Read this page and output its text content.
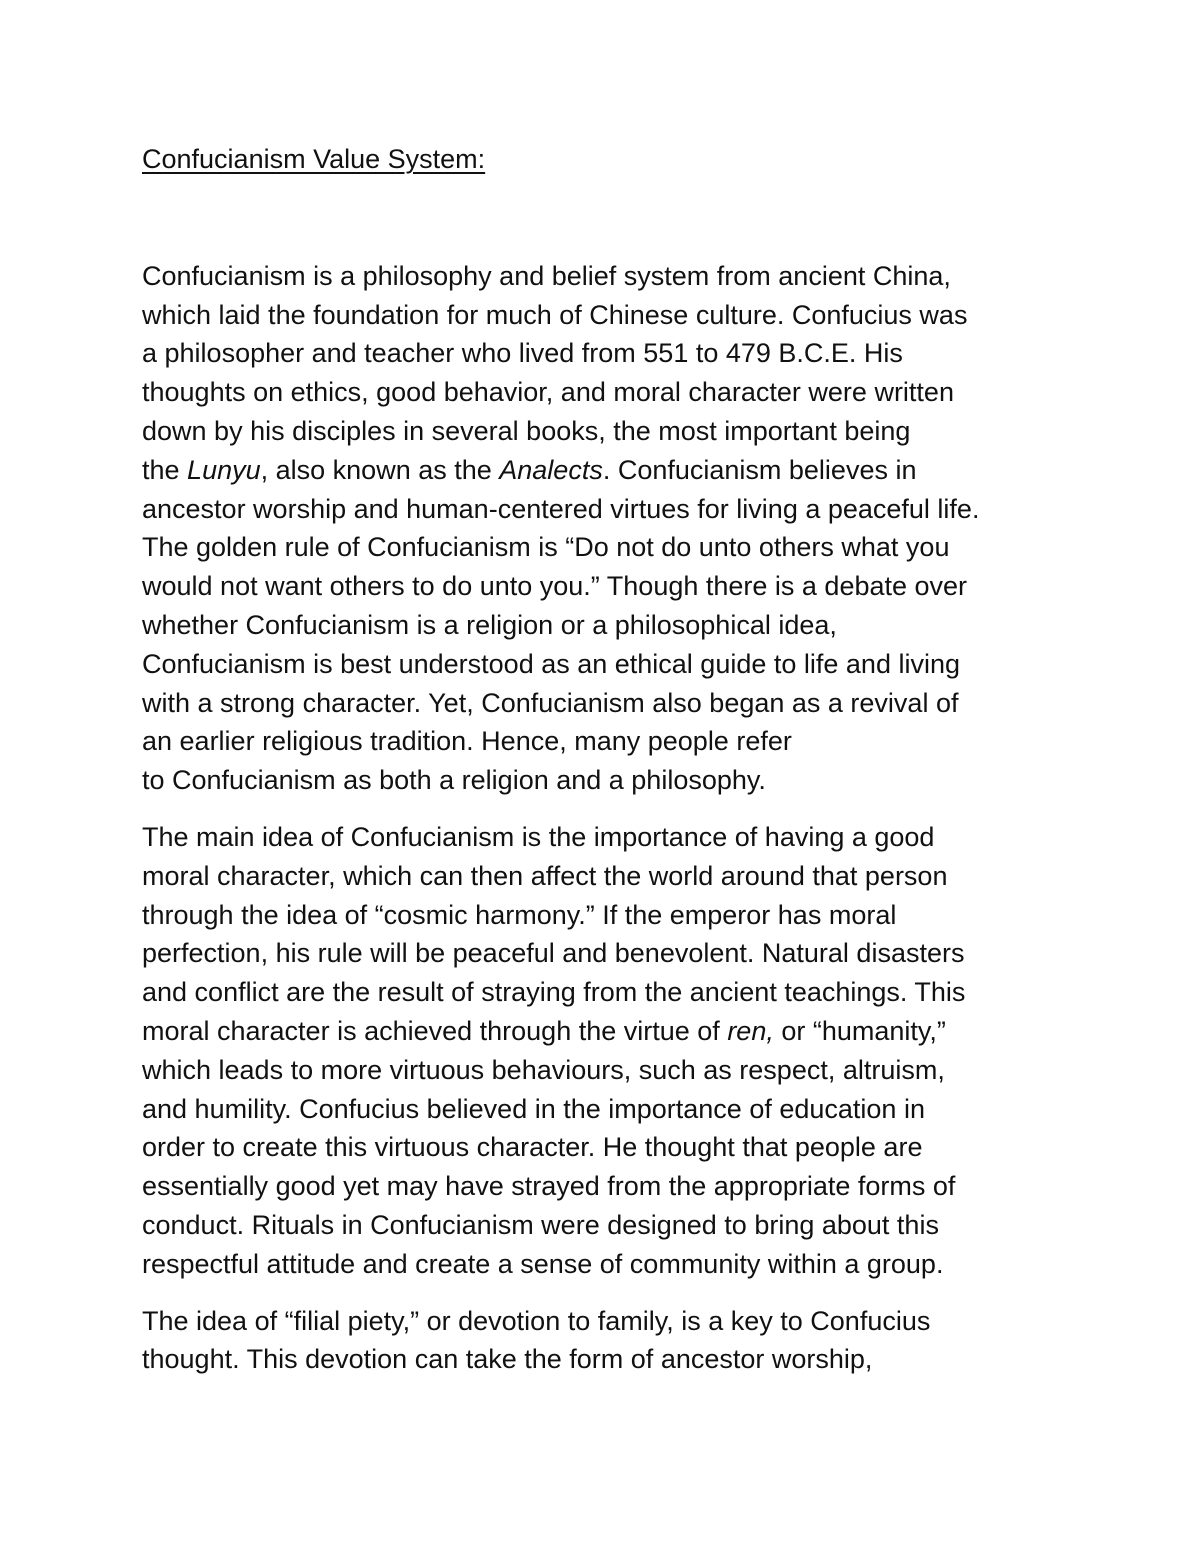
Confucianism Value System:

Confucianism is a philosophy and belief system from ancient China,
which laid the foundation for much of Chinese culture. Confucius was
a philosopher and teacher who lived from 551 to 479 B.C.E. His
thoughts on ethics, good behavior, and moral character were written
down by his disciples in several books, the most important being
the Lunyu, also known as the Analects. Confucianism believes in
ancestor worship and human-centered virtues for living a peaceful life.
The golden rule of Confucianism is “Do not do unto others what you
would not want others to do unto you.” Though there is a debate over
whether Confucianism is a religion or a philosophical idea,
Confucianism is best understood as an ethical guide to life and living
with a strong character. Yet, Confucianism also began as a revival of
an earlier religious tradition. Hence, many people refer
to Confucianism as both a religion and a philosophy.

The main idea of Confucianism is the importance of having a good
moral character, which can then affect the world around that person
through the idea of “cosmic harmony.” If the emperor has moral
perfection, his rule will be peaceful and benevolent. Natural disasters
and conflict are the result of straying from the ancient teachings. This
moral character is achieved through the virtue of ren, or “humanity,”
which leads to more virtuous behaviours, such as respect, altruism,
and humility. Confucius believed in the importance of education in
order to create this virtuous character. He thought that people are
essentially good yet may have strayed from the appropriate forms of
conduct. Rituals in Confucianism were designed to bring about this
respectful attitude and create a sense of community within a group.

The idea of “filial piety,” or devotion to family, is a key to Confucius
thought. This devotion can take the form of ancestor worship,
